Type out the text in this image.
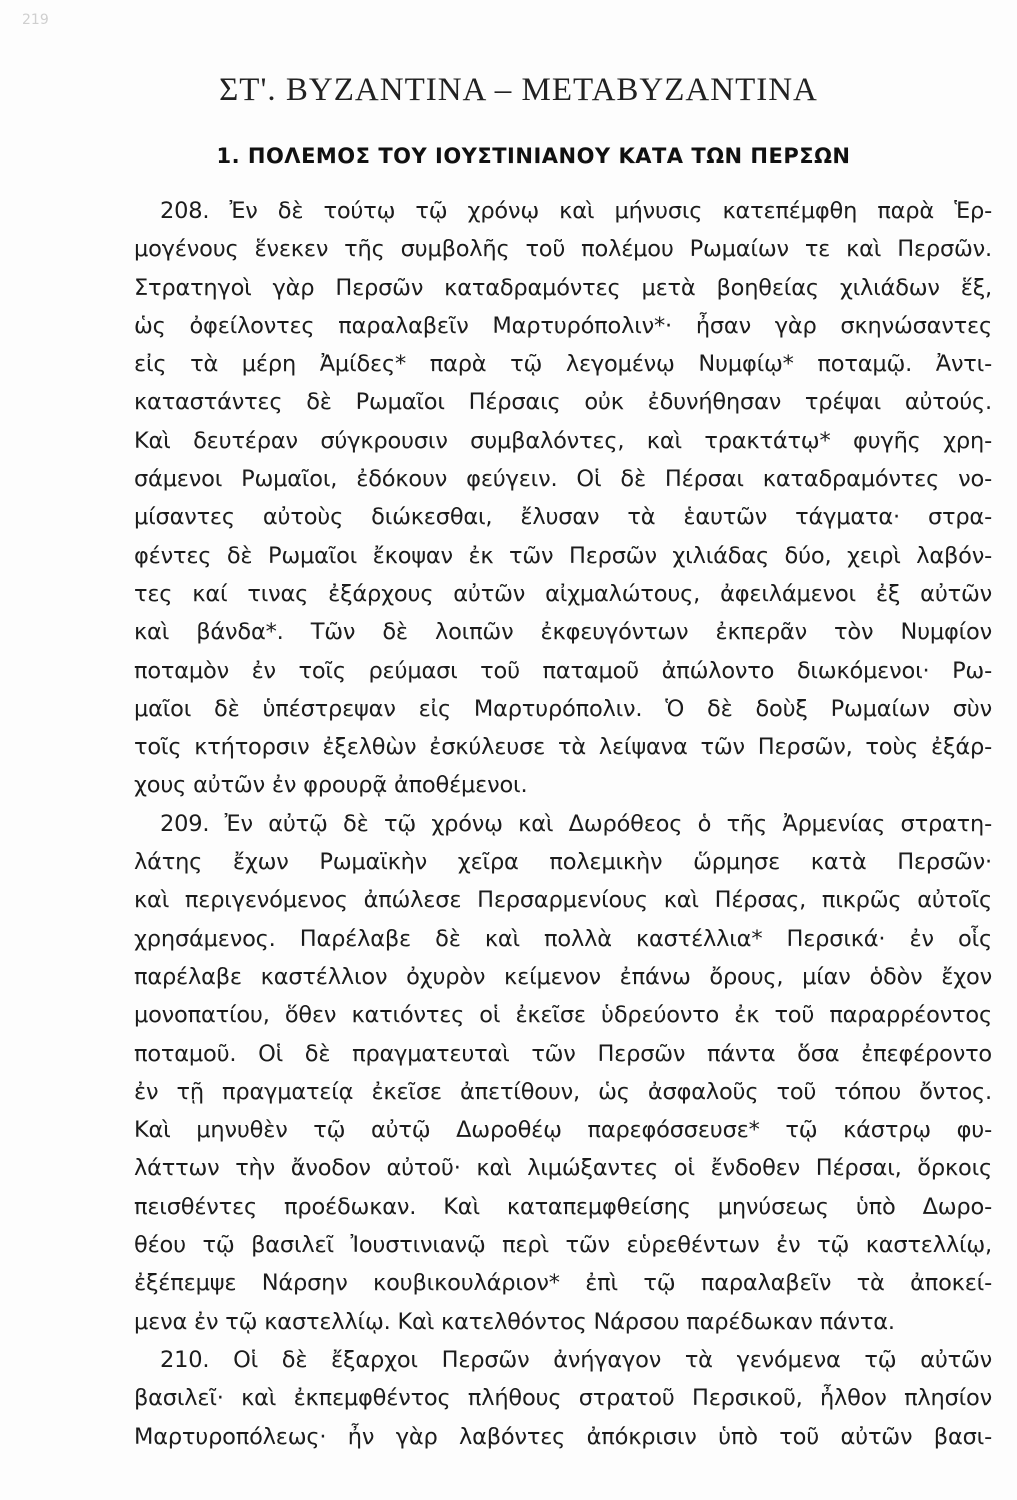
219
ΣΤ'. ΒΥΖΑΝΤΙΝΑ – ΜΕΤΑΒΥΖΑΝΤΙΝΑ
1. ΠΟΛΕΜΟΣ ΤΟΥ ΙΟΥΣΤΙΝΙΑΝΟΥ ΚΑΤΑ ΤΩΝ ΠΕΡΣΩΝ
208. Ἐν δὲ τούτῳ τῷ χρόνῳ καὶ μήνυσις κατεπέμφθη παρὰ Ἑρ-
μογένους ἕνεκεν τῆς συμβολῆς τοῦ πολέμου Ρωμαίων τε καὶ Περσῶν.
Στρατηγοὶ γὰρ Περσῶν καταδραμόντες μετὰ βοηθείας χιλιάδων ἕξ,
ὡς ὀφείλοντες παραλαβεῖν Μαρτυρόπολιν*· ἦσαν γὰρ σκηνώσαντες
εἰς τὰ μέρη Ἀμίδες* παρὰ τῷ λεγομένῳ Νυμφίῳ* ποταμῷ. Ἀντι-
καταστάντες δὲ Ρωμαῖοι Πέρσαις οὐκ ἐδυνήθησαν τρέψαι αὐτούς.
Καὶ δευτέραν σύγκρουσιν συμβαλόντες, καὶ τρακτάτῳ* φυγῆς χρη-
σάμενοι Ρωμαῖοι, ἐδόκουν φεύγειν. Οἱ δὲ Πέρσαι καταδραμόντες νο-
μίσαντες αὐτοὺς διώκεσθαι, ἔλυσαν τὰ ἑαυτῶν τάγματα· στρα-
φέντες δὲ Ρωμαῖοι ἔκοψαν ἐκ τῶν Περσῶν χιλιάδας δύο, χειρὶ λαβόν-
τες καί τινας ἐξάρχους αὐτῶν αἰχμαλώτους, ἀφειλάμενοι ἐξ αὐτῶν
καὶ βάνδα*. Τῶν δὲ λοιπῶν ἐκφευγόντων ἐκπερᾶν τὸν Νυμφίον
ποταμὸν ἐν τοῖς ρεύμασι τοῦ παταμοῦ ἀπώλοντο διωκόμενοι· Ρω-
μαῖοι δὲ ὑπέστρεψαν εἰς Μαρτυρόπολιν. Ὁ δὲ δοὺξ Ρωμαίων σὺν
τοῖς κτήτορσιν ἐξελθὼν ἐσκύλευσε τὰ λείψανα τῶν Περσῶν, τοὺς ἐξάρ-
χους αὐτῶν ἐν φρουρᾷ ἀποθέμενοι.
209. Ἐν αὐτῷ δὲ τῷ χρόνῳ καὶ Δωρόθεος ὁ τῆς Ἀρμενίας στρατη-
λάτης ἔχων Ρωμαϊκὴν χεῖρα πολεμικὴν ὥρμησε κατὰ Περσῶν·
καὶ περιγενόμενος ἀπώλεσε Περσαρμενίους καὶ Πέρσας, πικρῶς αὐτοῖς
χρησάμενος. Παρέλαβε δὲ καὶ πολλὰ καστέλλια* Περσικά· ἐν οἷς
παρέλαβε καστέλλιον ὀχυρὸν κείμενον ἐπάνω ὄρους, μίαν ὁδὸν ἔχον
μονοπατίου, ὅθεν κατιόντες οἱ ἐκεῖσε ὑδρεύοντο ἐκ τοῦ παραρρέοντος
ποταμοῦ. Οἱ δὲ πραγματευταὶ τῶν Περσῶν πάντα ὅσα ἐπεφέροντο
ἐν τῇ πραγματείᾳ ἐκεῖσε ἀπετίθουν, ὡς ἀσφαλοῦς τοῦ τόπου ὄντος.
Καὶ μηνυθὲν τῷ αὐτῷ Δωροθέῳ παρεφόσσευσε* τῷ κάστρῳ φυ-
λάττων τὴν ἄνοδον αὐτοῦ· καὶ λιμώξαντες οἱ ἔνδοθεν Πέρσαι, ὅρκοις
πεισθέντες προέδωκαν. Καὶ καταπεμφθείσης μηνύσεως ὑπὸ Δωρο-
θέου τῷ βασιλεῖ Ἰουστινιανῷ περὶ τῶν εὑρεθέντων ἐν τῷ καστελλίῳ,
ἐξέπεμψε Νάρσην κουβικουλάριον* ἐπὶ τῷ παραλαβεῖν τὰ ἀποκεί-
μενα ἐν τῷ καστελλίῳ. Καὶ κατελθόντος Νάρσου παρέδωκαν πάντα.
210. Οἱ δὲ ἔξαρχοι Περσῶν ἀνήγαγον τὰ γενόμενα τῷ αὐτῶν
βασιλεῖ· καὶ ἐκπεμφθέντος πλήθους στρατοῦ Περσικοῦ, ἦλθον πλησίον
Μαρτυροπόλεως· ἦν γὰρ λαβόντες ἀπόκρισιν ὑπὸ τοῦ αὐτῶν βασι-
